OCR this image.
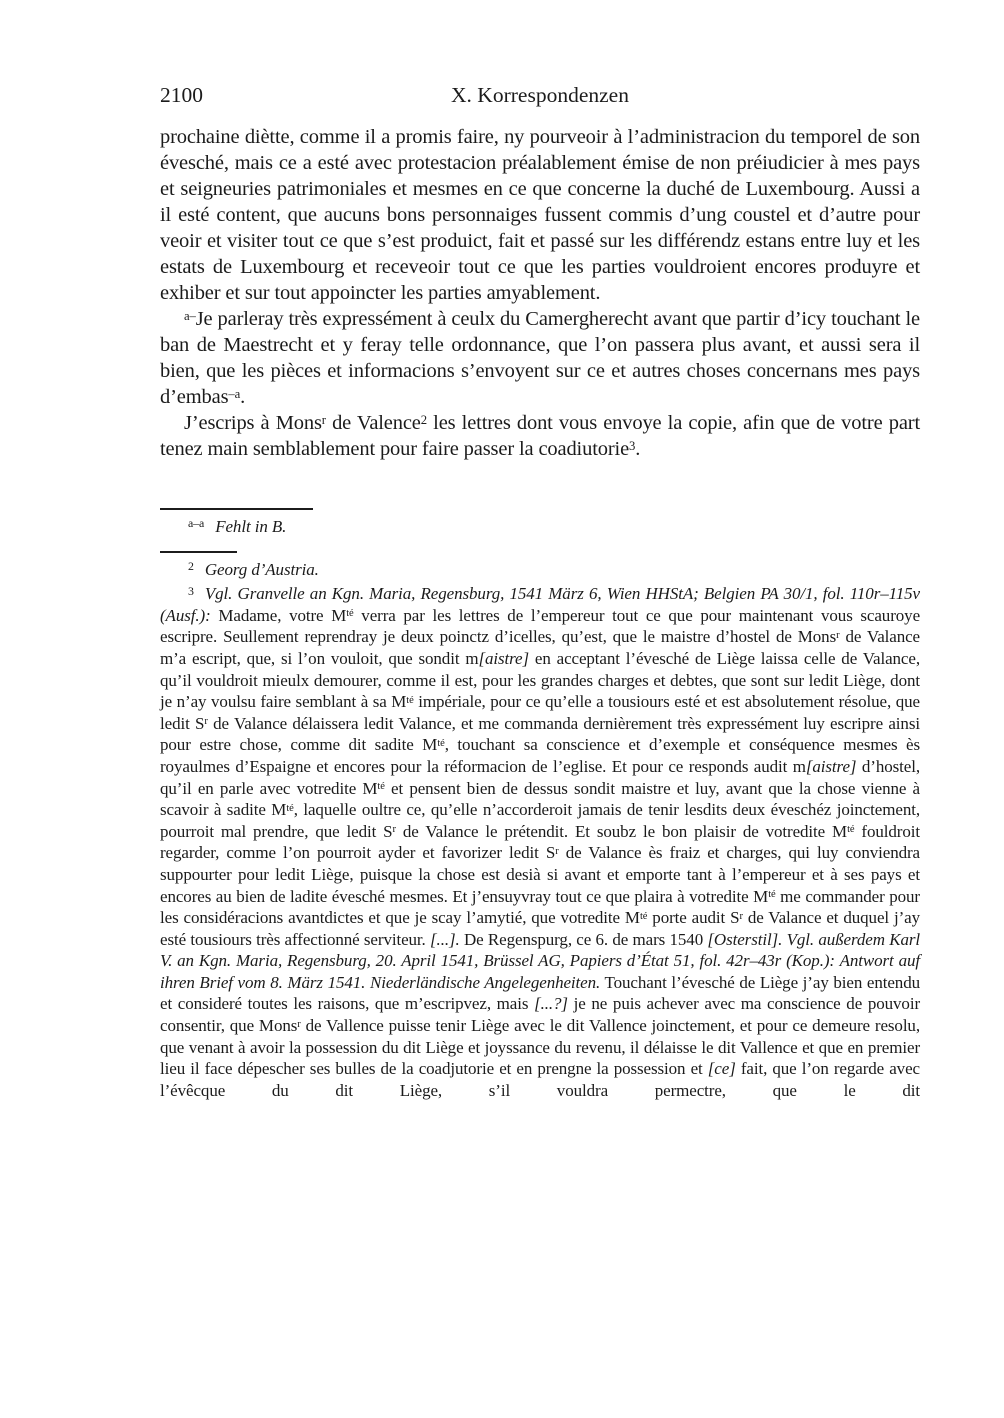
2100	X. Korrespondenzen

prochaine diètte, comme il a promis faire, ny pourveoir à l’administracion du temporel de son évesché, mais ce a esté avec protestacion préalablement émise de non préiudicier à mes pays et seigneuries patrimoniales et mesmes en ce que concerne la duché de Luxembourg. Aussi a il esté content, que aucuns bons personnaiges fussent commis d’ung coustel et d’autre pour veoir et visiter tout ce que s’est produict, fait et passé sur les différendz estans entre luy et les estats de Luxembourg et receveoir tout ce que les parties vouldroient encores produyre et exhiber et sur tout appoincter les parties amyablement.

$^{a-}$Je parleray très expressément à ceulx du Camergherecht avant que partir d’icy touchant le ban de Maestrecht et y feray telle ordonnance, que l’on passera plus avant, et aussi sera il bien, que les pièces et informacions s’envoyent sur ce et autres choses concernans mes pays d’embas$^{-a}$.

J’escrips à Mons$^r$ de Valence$^2$ les lettres dont vous envoye la copie, afin que de votre part tenez main semblablement pour faire passer la coadiutorie$^3$.

$^{a-a}$ Fehlt in B.

$^2$ Georg d’Austria.

$^3$ Vgl. Granvelle an Kgn. Maria, Regensburg, 1541 März 6, Wien HHStA; Belgien PA 30/1, fol. 110r–115v (Ausf.): Madame, votre $M^{té}$ verra par les lettres de l’empereur tout ce que pour maintenant vous scauroye escripre. Seullement reprendray je deux poinctz d’icelles, qu’est, que le maistre d’hostel de Mons$^r$ de Valance m’a escript, que, si l’on vouloit, que sondit m[aistre] en acceptant l’évesché de Liège laissa celle de Valance, qu’il vouldroit mieulx demourer, comme il est, pour les grandes charges et debtes, que sont sur ledit Liège, dont je n’ay voulsu faire semblant à sa $M^{té}$ impériale, pour ce qu’elle a tousiours esté et est absolutement résolue, que ledit $S^r$ de Valance délaissera ledit Valance, et me commanda dernièrement très expressément luy escripre ainsi pour estre chose, comme dit sadite $M^{té}$, touchant sa conscience et d’exemple et conséquence mesmes ès royaulmes d’Espaigne et encores pour la réformacion de l’eglise. Et pour ce responds audit m[aistre] d’hostel, qu’il en parle avec votredite $M^{té}$ et pensent bien de dessus sondit maistre et luy, avant que la chose vienne à scavoir à sadite $M^{té}$, laquelle oultre ce, qu’elle n’accorderoit jamais de tenir lesdits deux éveschéz joinctement, pourroit mal prendre, que ledit $S^r$ de Valance le prétendit. Et soubz le bon plaisir de votredite $M^{té}$ fouldroit regarder, comme l’on pourroit ayder et favorizer ledit $S^r$ de Valance ès fraiz et charges, qui luy conviendra suppourter pour ledit Liège, puisque la chose est desià si avant et emporte tant à l’empereur et à ses pays et encores au bien de ladite évesché mesmes. Et j’ensuyvray tout ce que plaira à votredite $M^{té}$ me commander pour les considéracions avantdictes et que je scay l’amytié, que votredite $M^{té}$ porte audit $S^r$ de Valance et duquel j’ay esté tousiours très affectionné serviteur. [...]. De Regenspurg, ce 6. de mars 1540 [Osterstil]. Vgl. außerdem Karl V. an Kgn. Maria, Regensburg, 20. April 1541, Brüssel AG, Papiers d’État 51, fol. 42r–43r (Kop.): Antwort auf ihren Brief vom 8. März 1541. Niederländische Angelegenheiten. Touchant l’évesché de Liège j’ay bien entendu et consideré toutes les raisons, que m’escripvez, mais [...?] je ne puis achever avec ma conscience de pouvoir consentir, que Mons$^r$ de Vallence puisse tenir Liège avec le dit Vallence joinctement, et pour ce demeure resolu, que venant à avoir la possession du dit Liège et joyssance du revenu, il délaisse le dit Vallence et que en premier lieu il face dépescher ses bulles de la coadjutorie et en prengne la possession et [ce] fait, que l’on regarde avec l’évêcque du dit Liège, s’il vouldra permectre, que le dit
